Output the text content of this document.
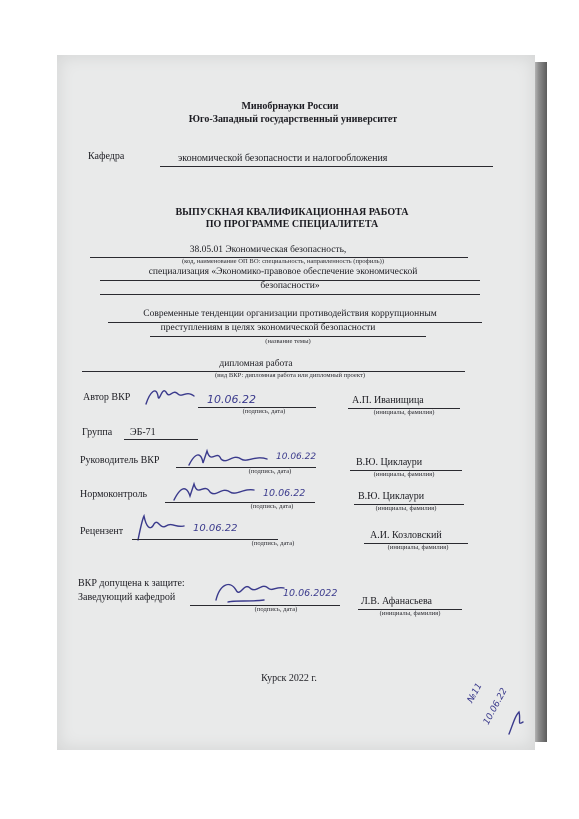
Минобрнауки России
Юго-Западный государственный университет
Кафедра	экономической безопасности и налогообложения
ВЫПУСКНАЯ КВАЛИФИКАЦИОННАЯ РАБОТА
ПО ПРОГРАММЕ СПЕЦИАЛИТЕТА
38.05.01 Экономическая безопасность,
(код, наименование ОП ВО: специальность, направленность (профиль))
специализация «Экономико-правовое обеспечение экономической
безопасности»
Современные тенденции организации противодействия коррупционным
преступлениям в целях экономической безопасности
(название темы)
дипломная работа
(вид ВКР: дипломная работа или дипломный проект)
Автор ВКР	10.06.22
(подпись, дата)
А.П. Иванищица
(инициалы, фамилия)
Группа ЭБ-71
Руководитель ВКР	10.06.22
(подпись, дата)
В.Ю. Циклаури
(инициалы, фамилия)
Нормоконтроль	10.06.22
(подпись, дата)
В.Ю. Циклаури
(инициалы, фамилия)
Рецензент	10.06.22
(подпись, дата)
А.И. Козловский
(инициалы, фамилия)
ВКР допущена к защите:
Заведующий кафедрой	10.06.2022
(подпись, дата)
Л.В. Афанасьева
(инициалы, фамилия)
Курск 2022 г.
№11
10.06.22
